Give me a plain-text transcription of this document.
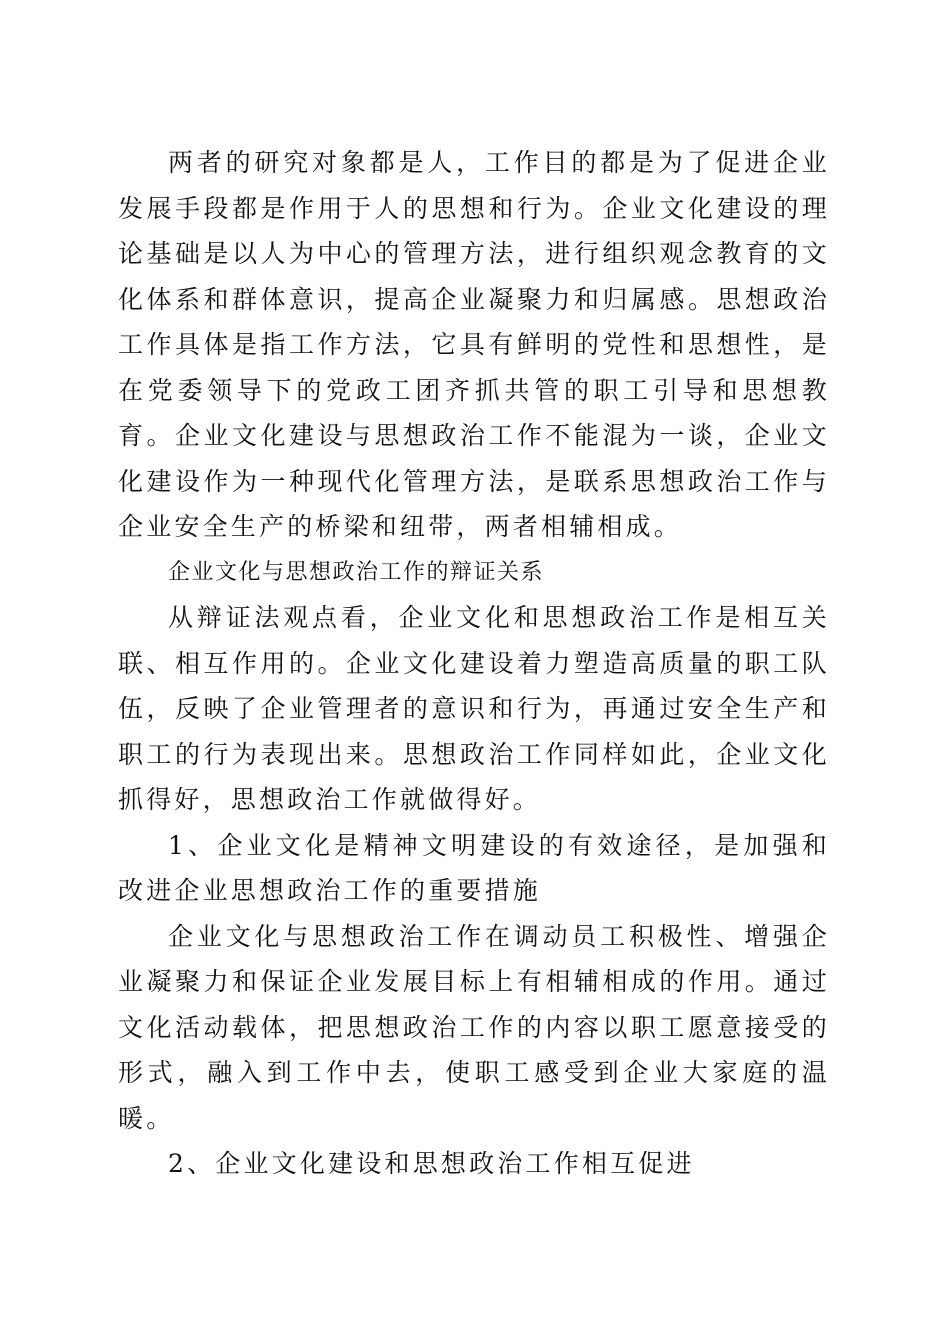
两者的研究对象都是人，工作目的都是为了促进企业发展手段都是作用于人的思想和行为。企业文化建设的理论基础是以人为中心的管理方法，进行组织观念教育的文化体系和群体意识，提高企业凝聚力和归属感。思想政治工作具体是指工作方法，它具有鲜明的党性和思想性，是在党委领导下的党政工团齐抓共管的职工引导和思想教育。企业文化建设与思想政治工作不能混为一谈，企业文化建设作为一种现代化管理方法，是联系思想政治工作与企业安全生产的桥梁和纽带，两者相辅相成。

企业文化与思想政治工作的辩证关系

从辩证法观点看，企业文化和思想政治工作是相互关联、相互作用的。企业文化建设着力塑造高质量的职工队伍，反映了企业管理者的意识和行为，再通过安全生产和职工的行为表现出来。思想政治工作同样如此，企业文化抓得好，思想政治工作就做得好。

1、企业文化是精神文明建设的有效途径，是加强和改进企业思想政治工作的重要措施

企业文化与思想政治工作在调动员工积极性、增强企业凝聚力和保证企业发展目标上有相辅相成的作用。通过文化活动载体，把思想政治工作的内容以职工愿意接受的形式，融入到工作中去，使职工感受到企业大家庭的温暖。

2、企业文化建设和思想政治工作相互促进
